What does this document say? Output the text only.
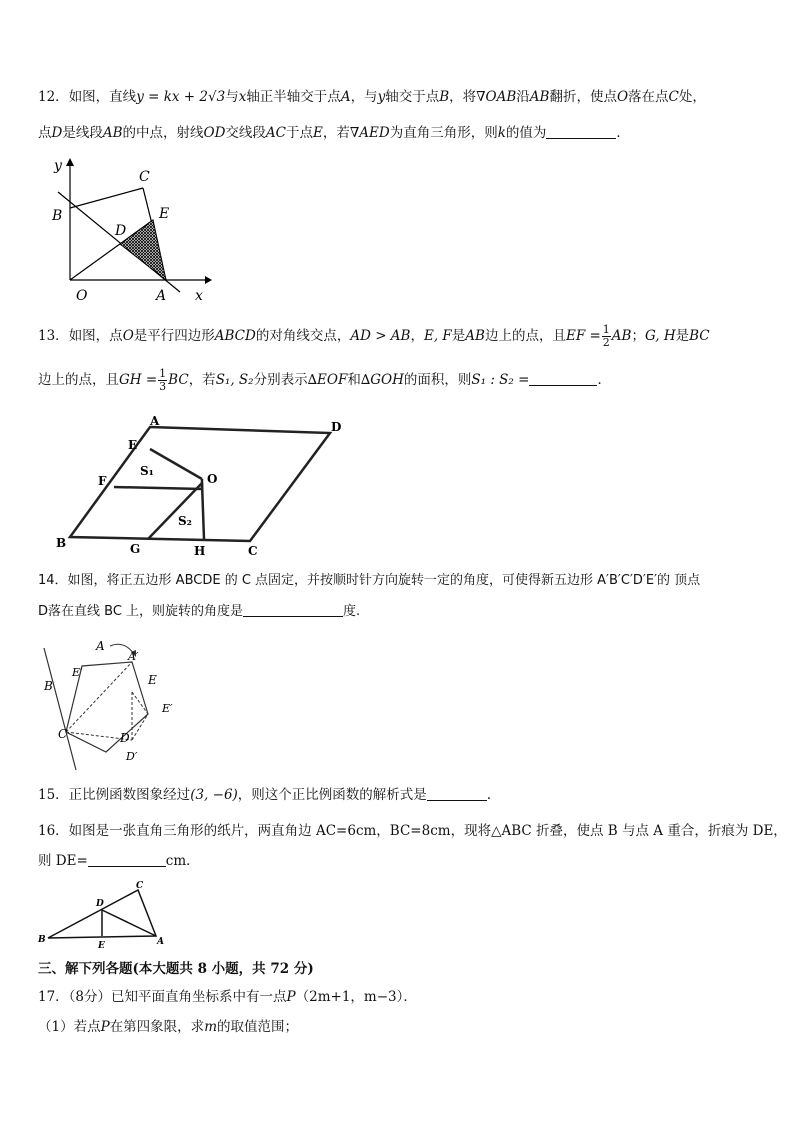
12．如图，直线y = kx + 2√3与x轴正半轴交于点A，与y轴交于点B，将∇OAB沿AB翻折，使点O落在点C处，
点D是线段AB的中点，射线OD交线段AC于点E，若∇AED为直角三角形，则k的值为	．
y
C
B	E
D
O	A x
13．如图，点O是平行四边形ABCD的对角线交点，AD > AB，E, F是AB边上的点，且EF = $\frac{1}{2}$ AB；G, H是BC
边上的点，且GH = $\frac{1}{3}$ BC，若S₁, S₂分别表示∆EOF和∆GOH的面积，则S₁ : S₂ =	．
A	D
E
S₁
O
F
S₂
B	G	H	C
14．如图，将正五边形 ABCDE 的 C 点固定，并按顺时针方向旋转一定的角度，可使得新五边形 A′B′C′D′E′的 顶点
D落在直线 BC 上，则旋转的角度是	度.
A
A′
B
E′
E
E′
C	D
D′
15．正比例函数图象经过(3, −6)，则这个正比例函数的解析式是	.
16．如图是一张直角三角形的纸片，两直角边 AC=6cm，BC=8cm，现将△ABC 折叠，使点 B 与点 A 重合，折痕为 DE，
则 DE=	cm．
C
D
B
E	A
三、解下列各题(本大题共 8 小题，共 72 分)
17．（8分）已知平面直角坐标系中有一点P（2m+1，m−3）．
（1）若点P在第四象限，求m的取值范围；
